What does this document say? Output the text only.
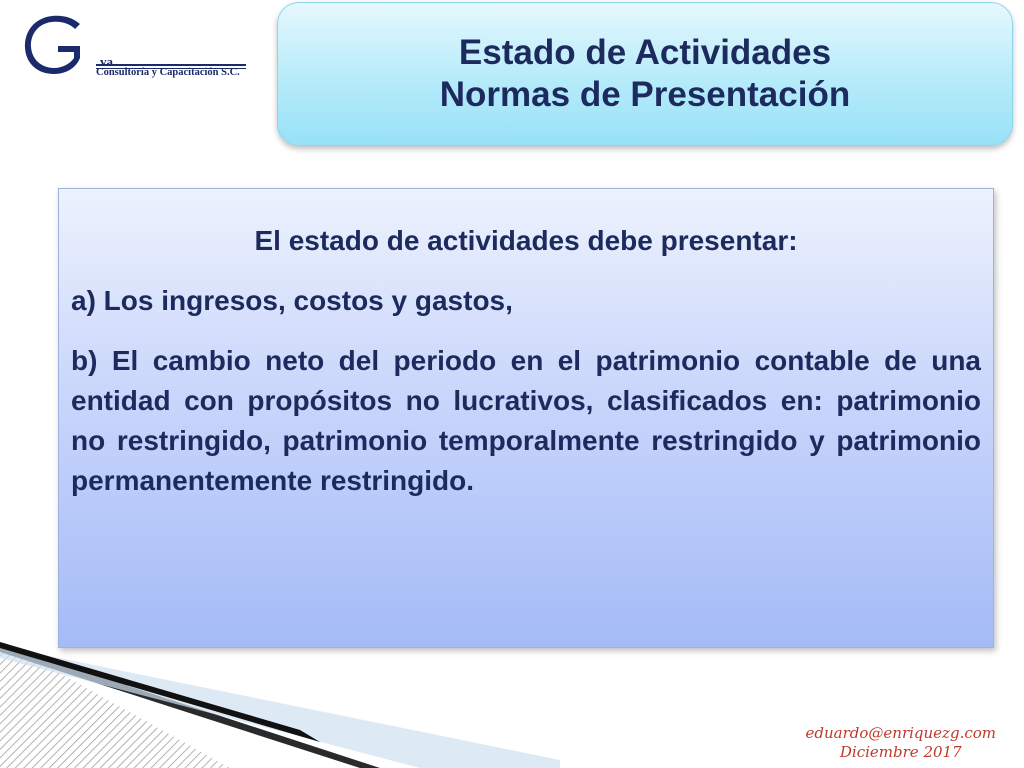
va
Consultoría y Capacitación S.C.
Estado de Actividades
Normas de Presentación

El estado de actividades debe presentar:

a) Los ingresos, costos y gastos,

b) El cambio neto del periodo en el patrimonio contable de una entidad con propósitos no lucrativos, clasificados en: patrimonio no restringido, patrimonio temporalmente restringido y patrimonio permanentemente restringido.

eduardo@enriquezg.com
Diciembre 2017
